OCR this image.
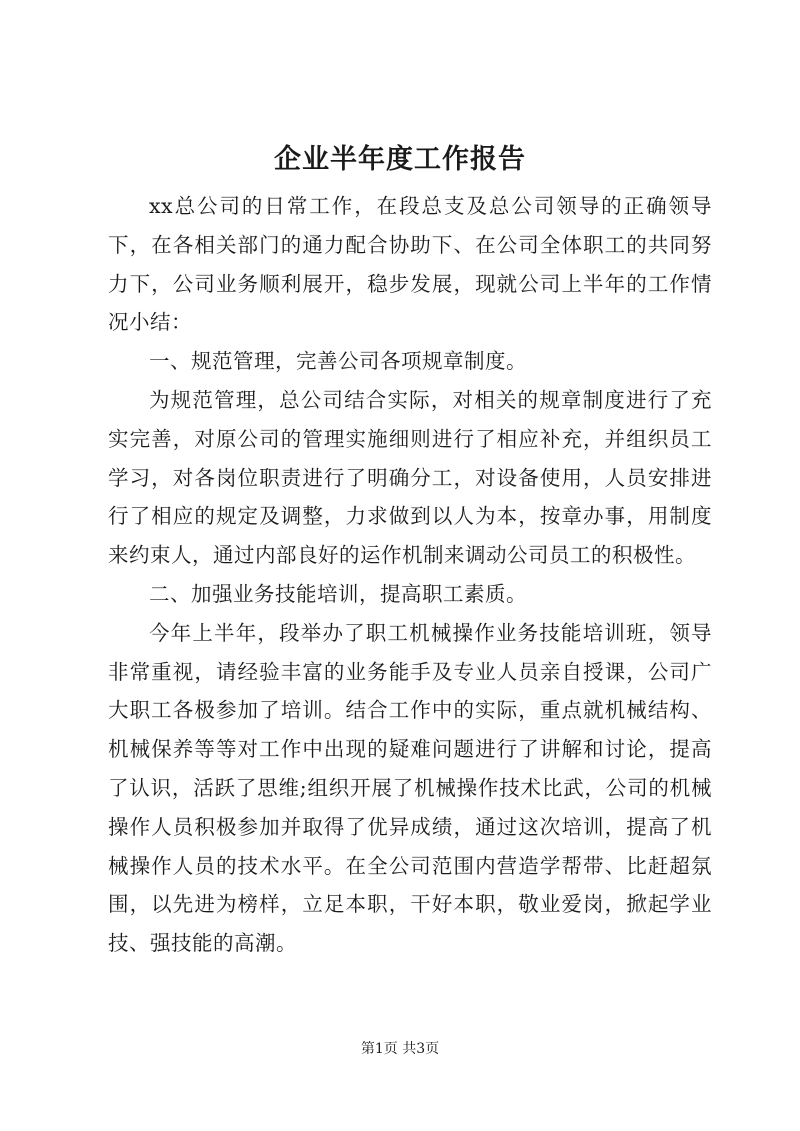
企业半年度工作报告

xx总公司的日常工作，在段总支及总公司领导的正确领导下，在各相关部门的通力配合协助下、在公司全体职工的共同努力下，公司业务顺利展开，稳步发展，现就公司上半年的工作情况小结：

一、规范管理，完善公司各项规章制度。

为规范管理，总公司结合实际，对相关的规章制度进行了充实完善，对原公司的管理实施细则进行了相应补充，并组织员工学习，对各岗位职责进行了明确分工，对设备使用，人员安排进行了相应的规定及调整，力求做到以人为本，按章办事，用制度来约束人，通过内部良好的运作机制来调动公司员工的积极性。

二、加强业务技能培训，提高职工素质。

今年上半年，段举办了职工机械操作业务技能培训班，领导非常重视，请经验丰富的业务能手及专业人员亲自授课，公司广大职工各极参加了培训。结合工作中的实际，重点就机械结构、机械保养等等对工作中出现的疑难问题进行了讲解和讨论，提高了认识，活跃了思维;组织开展了机械操作技术比武，公司的机械操作人员积极参加并取得了优异成绩，通过这次培训，提高了机械操作人员的技术水平。在全公司范围内营造学帮带、比赶超氛围，以先进为榜样，立足本职，干好本职，敬业爱岗，掀起学业技、强技能的高潮。

第1页 共3页
